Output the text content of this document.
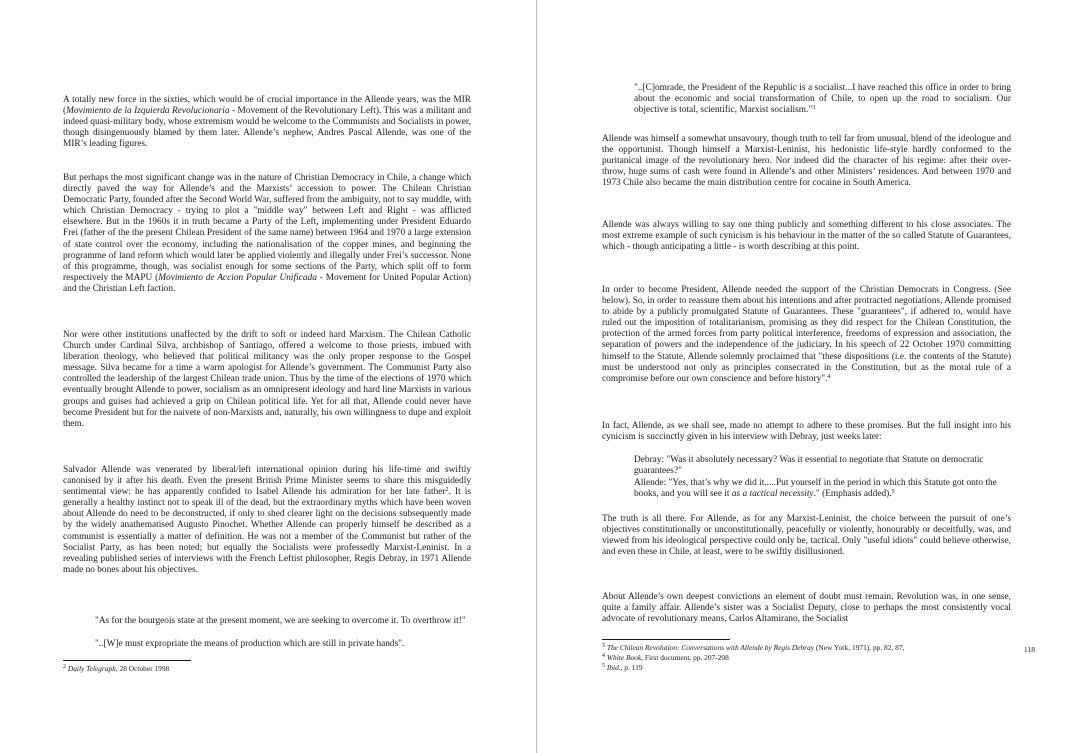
A totally new force in the sixties, which would be of crucial importance in the Allende years, was the MIR (Movimiento de la Izquierda Revolucionaria - Movement of the Revolutionary Left). This was a militant and indeed quasi-military body, whose extremism would be welcome to the Communists and Socialists in power, though disingenuously blamed by them later. Allende’s nephew, Andres Pascal Allende, was one of the MIR’s leading figures.

But perhaps the most significant change was in the nature of Christian Democracy in Chile, a change which directly paved the way for Allende’s and the Marxists’ accession to power. The Chilean Christian Democratic Party, founded after the Second World War, suffered from the ambiguity, not to say muddle, with which Christian Democracy - trying to plot a "middle way" between Left and Right - was afflicted elsewhere. But in the 1960s it in truth became a Party of the Left, implementing under President Eduardo Frei (father of the the present Chilean President of the same name) between 1964 and 1970 a large extension of state control over the economy, including the nationalisation of the copper mines, and beginning the programme of land reform which would later be applied violently and illegally under Frei’s successor. None of this programme, though, was socialist enough for some sections of the Party, which split off to form respectively the MAPU (Movimiento de Accion Popular Unificada - Movement for United Popular Action) and the Christian Left faction.

Nor were other institutions unaffected by the drift to soft or indeed hard Marxism. The Chilean Catholic Church under Cardinal Silva, archbishop of Santiago, offered a welcome to those priests, imbued with liberation theology, who believed that political militancy was the only proper response to the Gospel message. Silva became for a time a warm apologist for Allende’s government. The Communist Party also controlled the leadership of the largest Chilean trade union. Thus by the time of the elections of 1970 which eventually brought Allende to power, socialism as an omnipresent ideology and hard line Marxists in various groups and guises had achieved a grip on Chilean political life. Yet for all that, Allende could never have become President but for the naivete of non-Marxists and, naturally, his own willingness to dupe and exploit them.

Salvador Allende was venerated by liberal/left international opinion during his life-time and swiftly canonised by it after his death. Even the present British Prime Minister seems to share this misguidedly sentimental view: he has apparently confided to Isabel Allende his admiration for her late father$^2$. It is generally a healthy instinct not to speak ill of the dead, but the extraordinary myths which have been woven about Allende do need to be deconstructed, if only to shed clearer light on the decisions subsequently made by the widely anathematised Augusto Pinochet. Whether Allende can properly himself be described as a communist is essentially a matter of definition. He was not a member of the Communist but rather of the Socialist Party, as has been noted; but equally the Socialists were professedly Marxist-Leninist. In a revealing published series of interviews with the French Leftist philosopher, Regis Debray, in 1971 Allende made no bones about his objectives.

"As for the bourgeois state at the present moment, we are seeking to overcome it. To overthrow it!"

"..[W]e must expropriate the means of production which are still in private hands".

$^2$ Daily Telegraph, 28 October 1998

"..[C]omrade, the President of the Republic is a socialist...I have reached this office in order to bring about the economic and social transformation of Chile, to open up the road to socialism. Our objective is total, scientific, Marxist socialism."$^3$

Allende was himself a somewhat unsavoury, though truth to tell far from unusual, blend of the ideologue and the opportunist. Though himself a Marxist-Leninist, his hedonistic life-style hardly conformed to the puritanical image of the revolutionary hero. Nor indeed did the character of his regime: after their over-throw, huge sums of cash were found in Allende’s and other Ministers’ residences. And between 1970 and 1973 Chile also became the main distribution centre for cocaine in South America.

Allende was always willing to say one thing publicly and something different to his close associates. The most extreme example of such cynicism is his behaviour in the matter of the so called Statute of Guarantees, which - though anticipating a little - is worth describing at this point.

In order to become President, Allende needed the support of the Christian Democrats in Congress. (See below). So, in order to reassure them about his intentions and after protracted negotiations, Allende promised to abide by a publicly promulgated Statute of Guarantees. These "guarantees", if adhered to, would have ruled out the imposition of totalitarianism, promising as they did respect for the Chilean Constitution, the protection of the armed forces from party political interference, freedoms of expression and association, the separation of powers and the independence of the judiciary. In his speech of 22 October 1970 committing himself to the Statute, Allende solemnly proclaimed that "these dispositions (i.e. the contents of the Statute) must be understood not only as principles consecrated in the Constitution, but as the moral rule of a compromise before our own conscience and before history".$^4$

In fact, Allende, as we shall see, made no attempt to adhere to these promises. But the full insight into his cynicism is succinctly given in his interview with Debray, just weeks later:

Debray: "Was it absolutely necessary? Was it essential to negotiate that Statute on democratic guarantees?"

Allende: "Yes, that’s why we did it.....Put yourself in the period in which this Statute got onto the books, and you will see it as a tactical necessity." (Emphasis added).$^5$

The truth is all there. For Allende, as for any Marxist-Leninist, the choice between the pursuit of one’s objectives constitutionally or unconstitutionally, peacefully or violently, honourably or deceitfully, was, and viewed from his ideological perspective could only be, tactical. Only "useful idiots" could believe otherwise, and even these in Chile, at least, were to be swiftly disillusioned.

About Allende’s own deepest convictions an element of doubt must remain. Revolution was, in one sense, quite a family affair. Allende’s sister was a Socialist Deputy, close to perhaps the most consistently vocal advocate of revolutionary means, Carlos Altamirano, the Socialist

$^3$ The Chilean Revolution: Conversations with Allende by Regis Debray (New York, 1971), pp. 82, 87,	118

$^4$ White Book, First document, pp. 207-208

$^5$ Ibid., p. 119
